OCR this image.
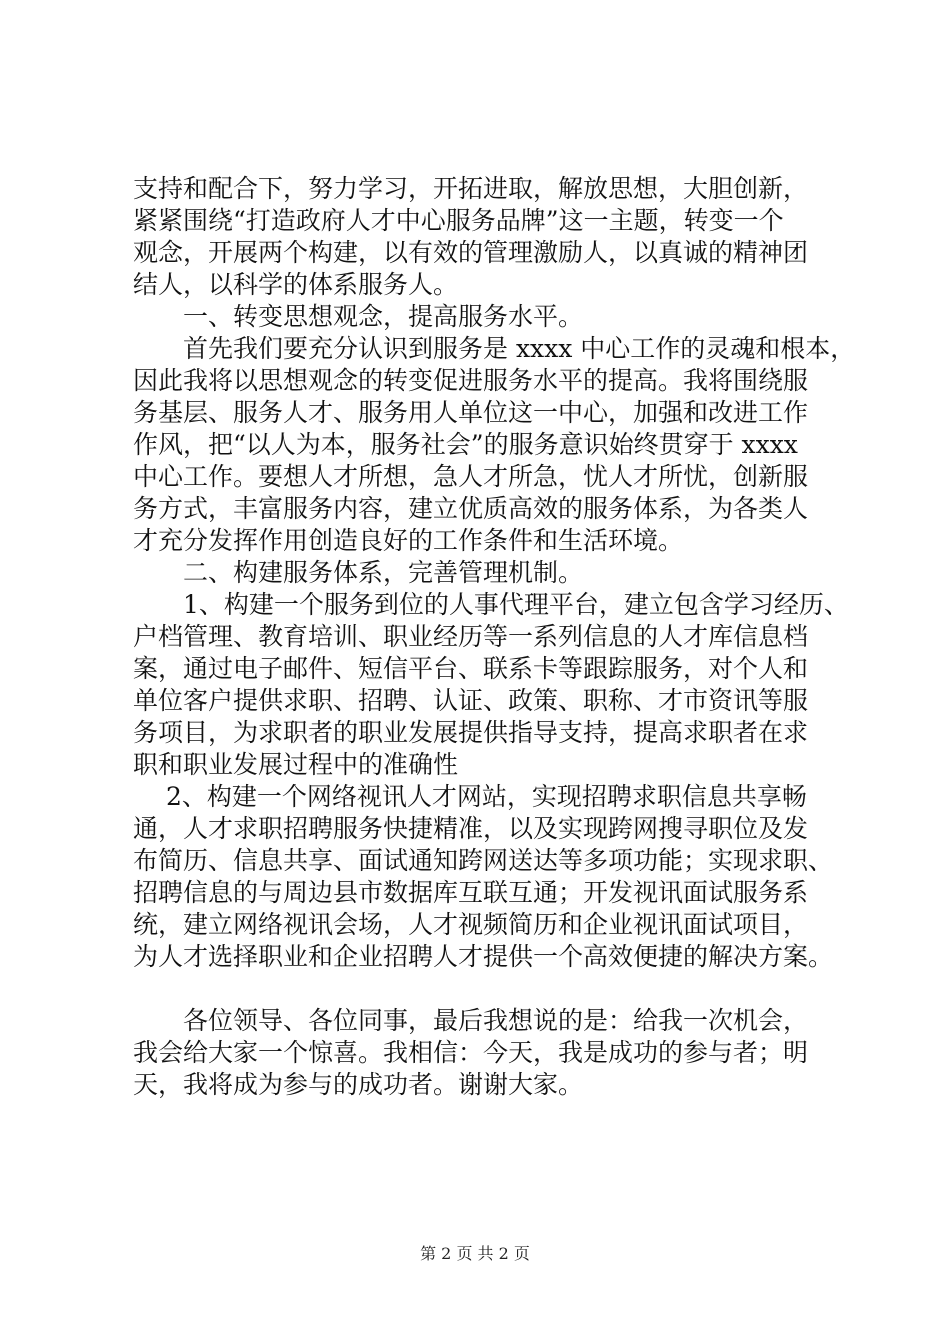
支持和配合下，努力学习，开拓进取，解放思想，大胆创新，
紧紧围绕“打造政府人才中心服务品牌”这一主题，转变一个
观念，开展两个构建，以有效的管理激励人，以真诚的精神团
结人，以科学的体系服务人。
　　一、转变思想观念，提高服务水平。
　　首先我们要充分认识到服务是 xxxx 中心工作的灵魂和根本，
因此我将以思想观念的转变促进服务水平的提高。我将围绕服
务基层、服务人才、服务用人单位这一中心，加强和改进工作
作风，把“以人为本，服务社会”的服务意识始终贯穿于 xxxx
中心工作。要想人才所想，急人才所急，忧人才所忧，创新服
务方式，丰富服务内容，建立优质高效的服务体系，为各类人
才充分发挥作用创造良好的工作条件和生活环境。
　　二、构建服务体系，完善管理机制。
　　1、构建一个服务到位的人事代理平台，建立包含学习经历、
户档管理、教育培训、职业经历等一系列信息的人才库信息档
案，通过电子邮件、短信平台、联系卡等跟踪服务，对个人和
单位客户提供求职、招聘、认证、政策、职称、才市资讯等服
务项目，为求职者的职业发展提供指导支持，提高求职者在求
职和职业发展过程中的准确性
　 2、构建一个网络视讯人才网站，实现招聘求职信息共享畅
通，人才求职招聘服务快捷精准，以及实现跨网搜寻职位及发
布简历、信息共享、面试通知跨网送达等多项功能；实现求职、
招聘信息的与周边县市数据库互联互通；开发视讯面试服务系
统，建立网络视讯会场，人才视频简历和企业视讯面试项目，
为人才选择职业和企业招聘人才提供一个高效便捷的解决方案。
　　各位领导、各位同事，最后我想说的是：给我一次机会，
我会给大家一个惊喜。我相信：今天，我是成功的参与者；明
天，我将成为参与的成功者。谢谢大家。
第 2 页 共 2 页
